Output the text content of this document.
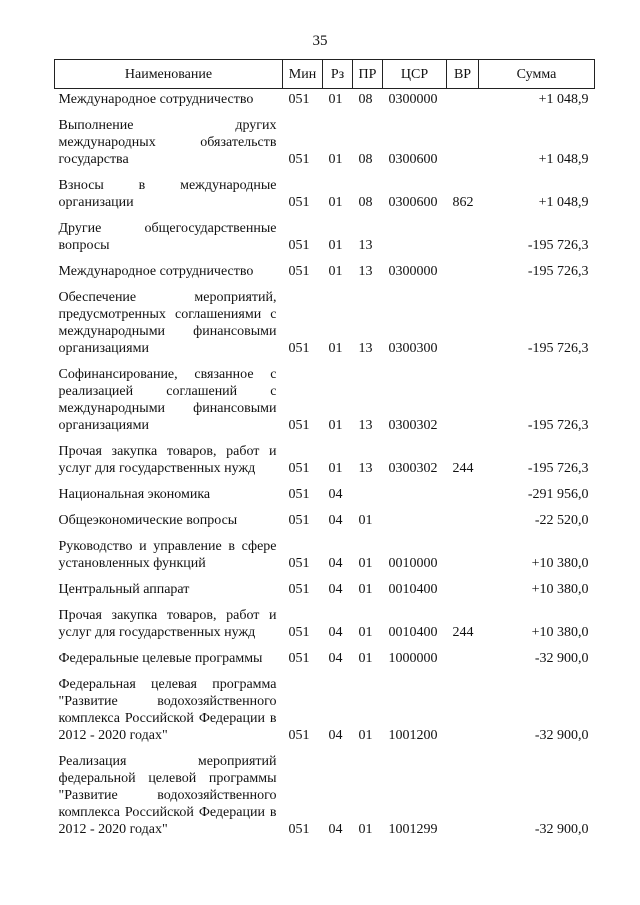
35
Наименование	Мин	Рз	ПР	ЦСР	ВР	Сумма
Международное сотрудничество	051	01	08	0300000		+1 048,9
Выполнение других международных обязательств государства	051	01	08	0300600		+1 048,9
Взносы в международные организации	051	01	08	0300600	862	+1 048,9
Другие общегосударственные вопросы	051	01	13			-195 726,3
Международное сотрудничество	051	01	13	0300000		-195 726,3
Обеспечение мероприятий, предусмотренных соглашениями с международными финансовыми организациями	051	01	13	0300300		-195 726,3
Софинансирование, связанное с реализацией соглашений с международными финансовыми организациями	051	01	13	0300302		-195 726,3
Прочая закупка товаров, работ и услуг для государственных нужд	051	01	13	0300302	244	-195 726,3
Национальная экономика	051	04				-291 956,0
Общеэкономические вопросы	051	04	01			-22 520,0
Руководство и управление в сфере установленных функций	051	04	01	0010000		+10 380,0
Центральный аппарат	051	04	01	0010400		+10 380,0
Прочая закупка товаров, работ и услуг для государственных нужд	051	04	01	0010400	244	+10 380,0
Федеральные целевые программы	051	04	01	1000000		-32 900,0
Федеральная целевая программа "Развитие водохозяйственного комплекса Российской Федерации в 2012 - 2020 годах"	051	04	01	1001200		-32 900,0
Реализация мероприятий федеральной целевой программы "Развитие водохозяйственного комплекса Российской Федерации в 2012 - 2020 годах"	051	04	01	1001299		-32 900,0
